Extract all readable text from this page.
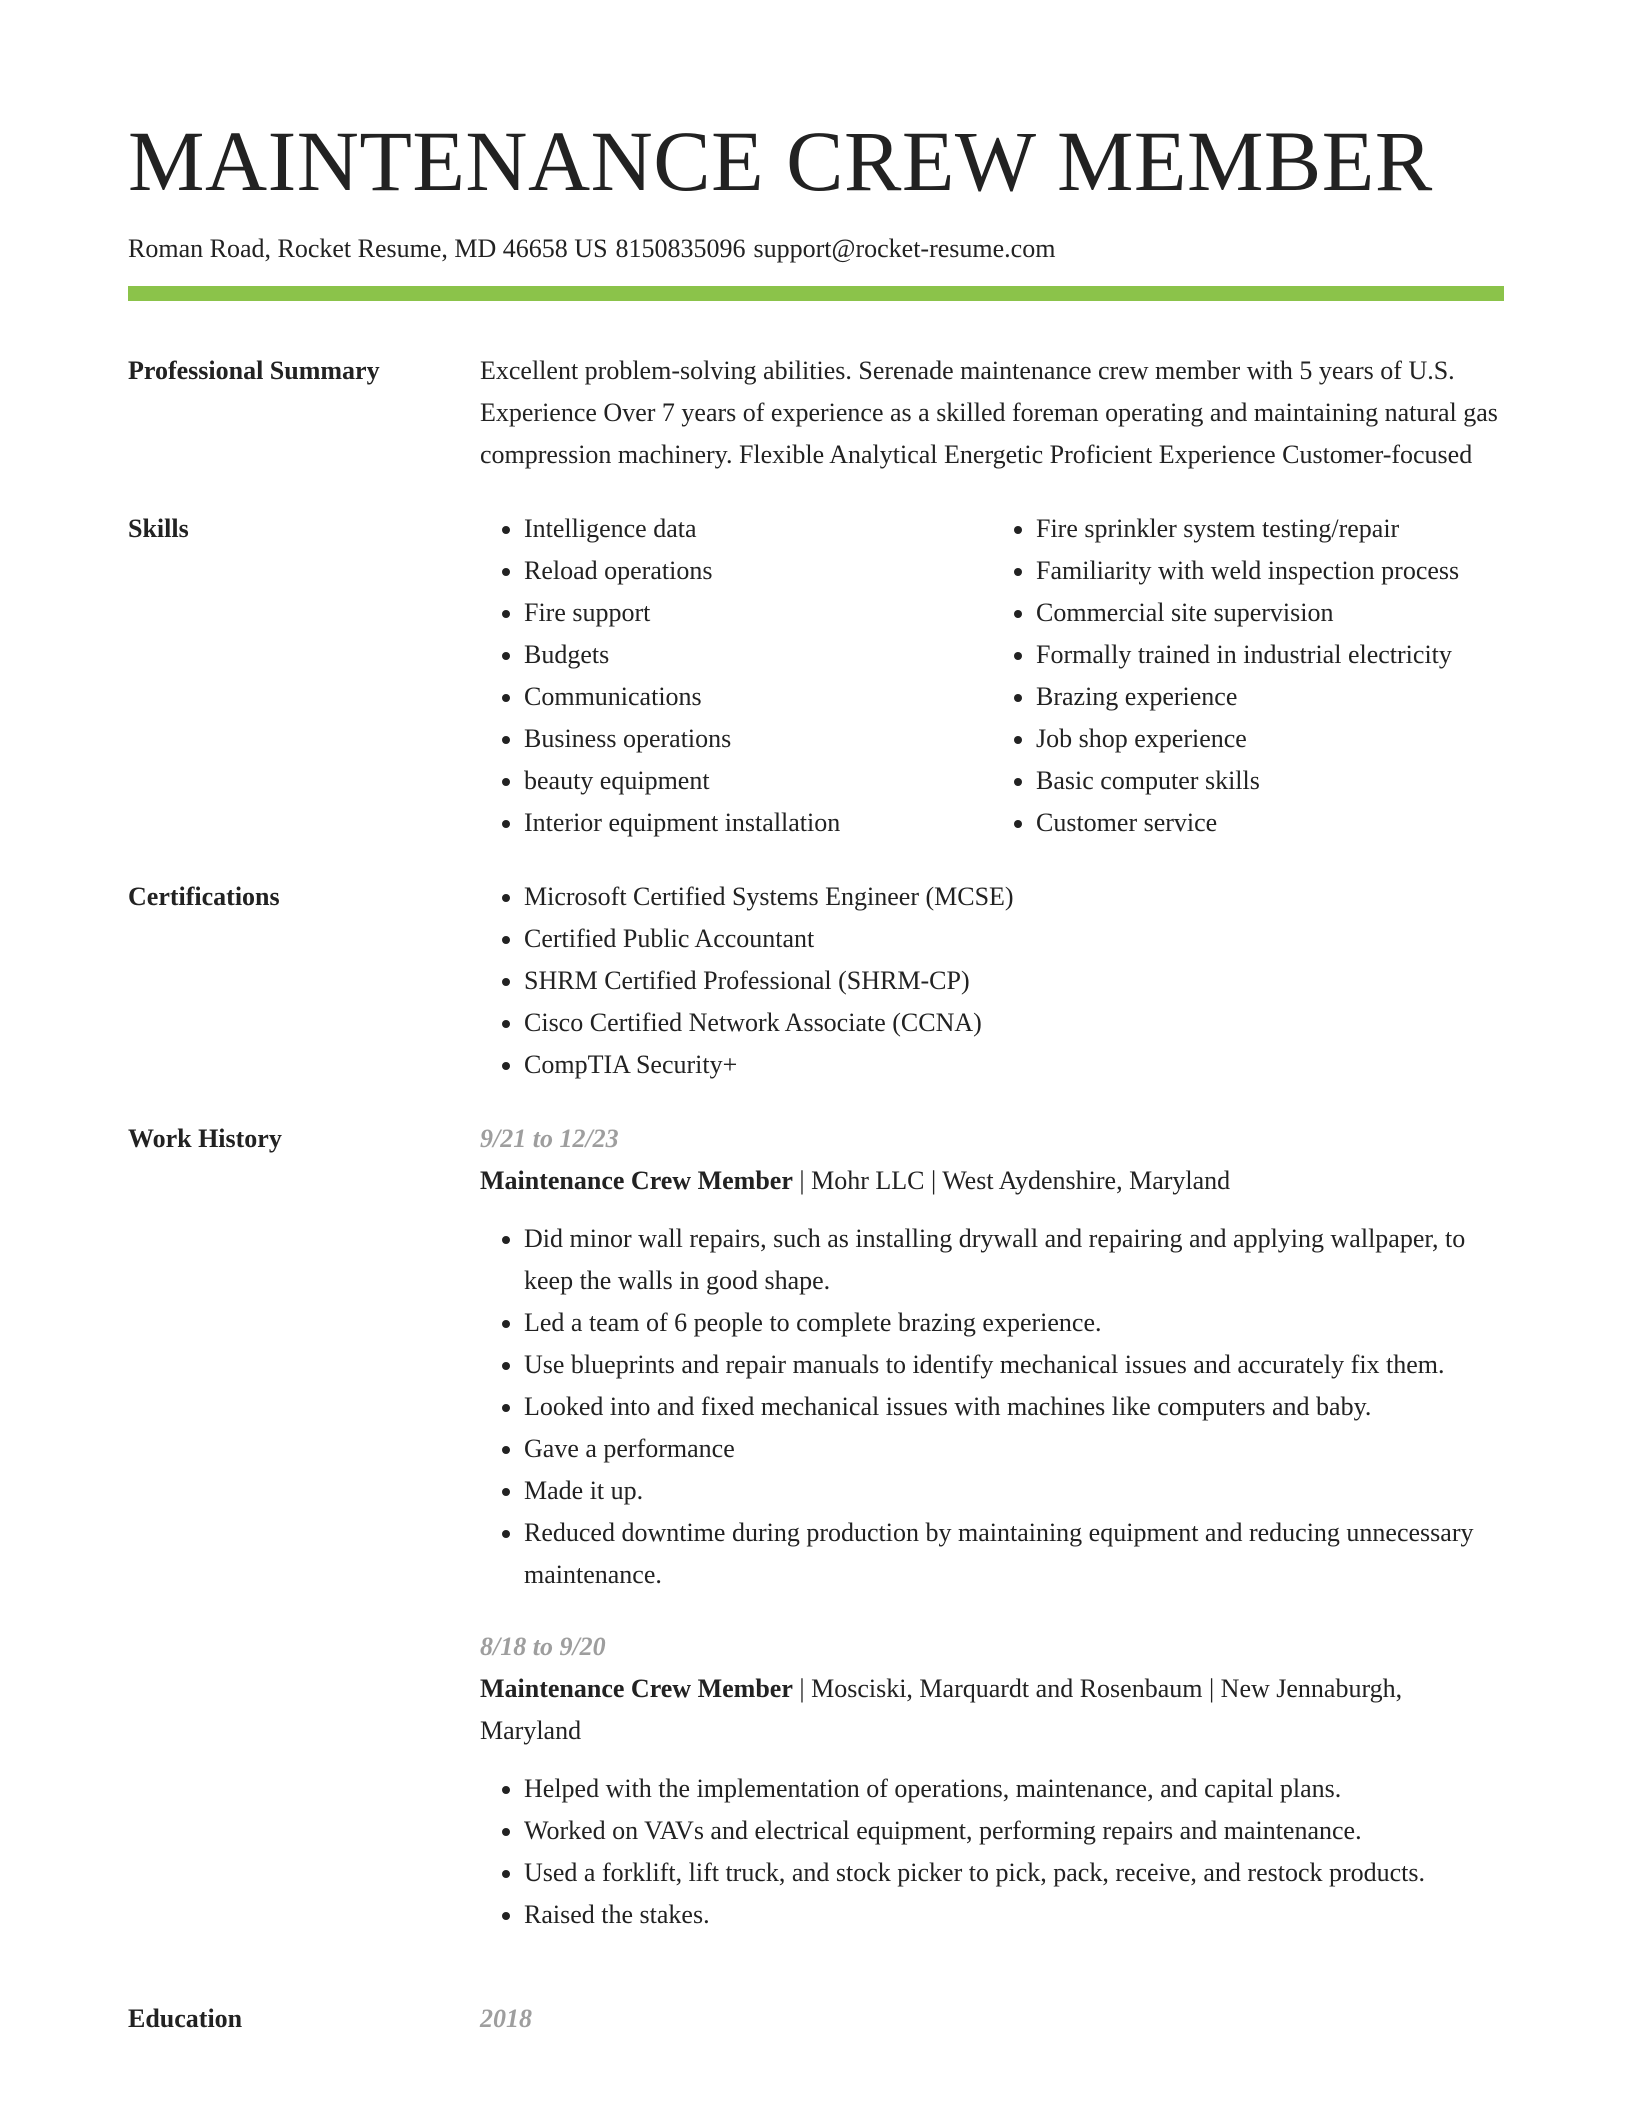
MAINTENANCE CREW MEMBER
Roman Road, Rocket Resume, MD 46658 US 8150835096 support@rocket-resume.com
Professional Summary	Excellent problem-solving abilities. Serenade maintenance crew member with 5 years of U.S. Experience Over 7 years of experience as a skilled foreman operating and maintaining natural gas compression machinery. Flexible Analytical Energetic Proficient Experience Customer-focused

Skills	• Intelligence data
• Reload operations
• Fire support
• Budgets
• Communications
• Business operations
• beauty equipment
• Interior equipment installation
• Fire sprinkler system testing/repair
• Familiarity with weld inspection process
• Commercial site supervision
• Formally trained in industrial electricity
• Brazing experience
• Job shop experience
• Basic computer skills
• Customer service
Certifications	• Microsoft Certified Systems Engineer (MCSE)
• Certified Public Accountant
• SHRM Certified Professional (SHRM-CP)
• Cisco Certified Network Associate (CCNA)
• CompTIA Security+
Work History	9/21 to 12/23
Maintenance Crew Member | Mohr LLC | West Aydenshire, Maryland
• Did minor wall repairs, such as installing drywall and repairing and applying wallpaper, to keep the walls in good shape.
• Led a team of 6 people to complete brazing experience.
• Use blueprints and repair manuals to identify mechanical issues and accurately fix them.
• Looked into and fixed mechanical issues with machines like computers and baby.
• Gave a performance
• Made it up.
• Reduced downtime during production by maintaining equipment and reducing unnecessary maintenance.
8/18 to 9/20
Maintenance Crew Member | Mosciski, Marquardt and Rosenbaum | New Jennaburgh, Maryland
• Helped with the implementation of operations, maintenance, and capital plans.
• Worked on VAVs and electrical equipment, performing repairs and maintenance.
• Used a forklift, lift truck, and stock picker to pick, pack, receive, and restock products.
• Raised the stakes.
Education	2018
